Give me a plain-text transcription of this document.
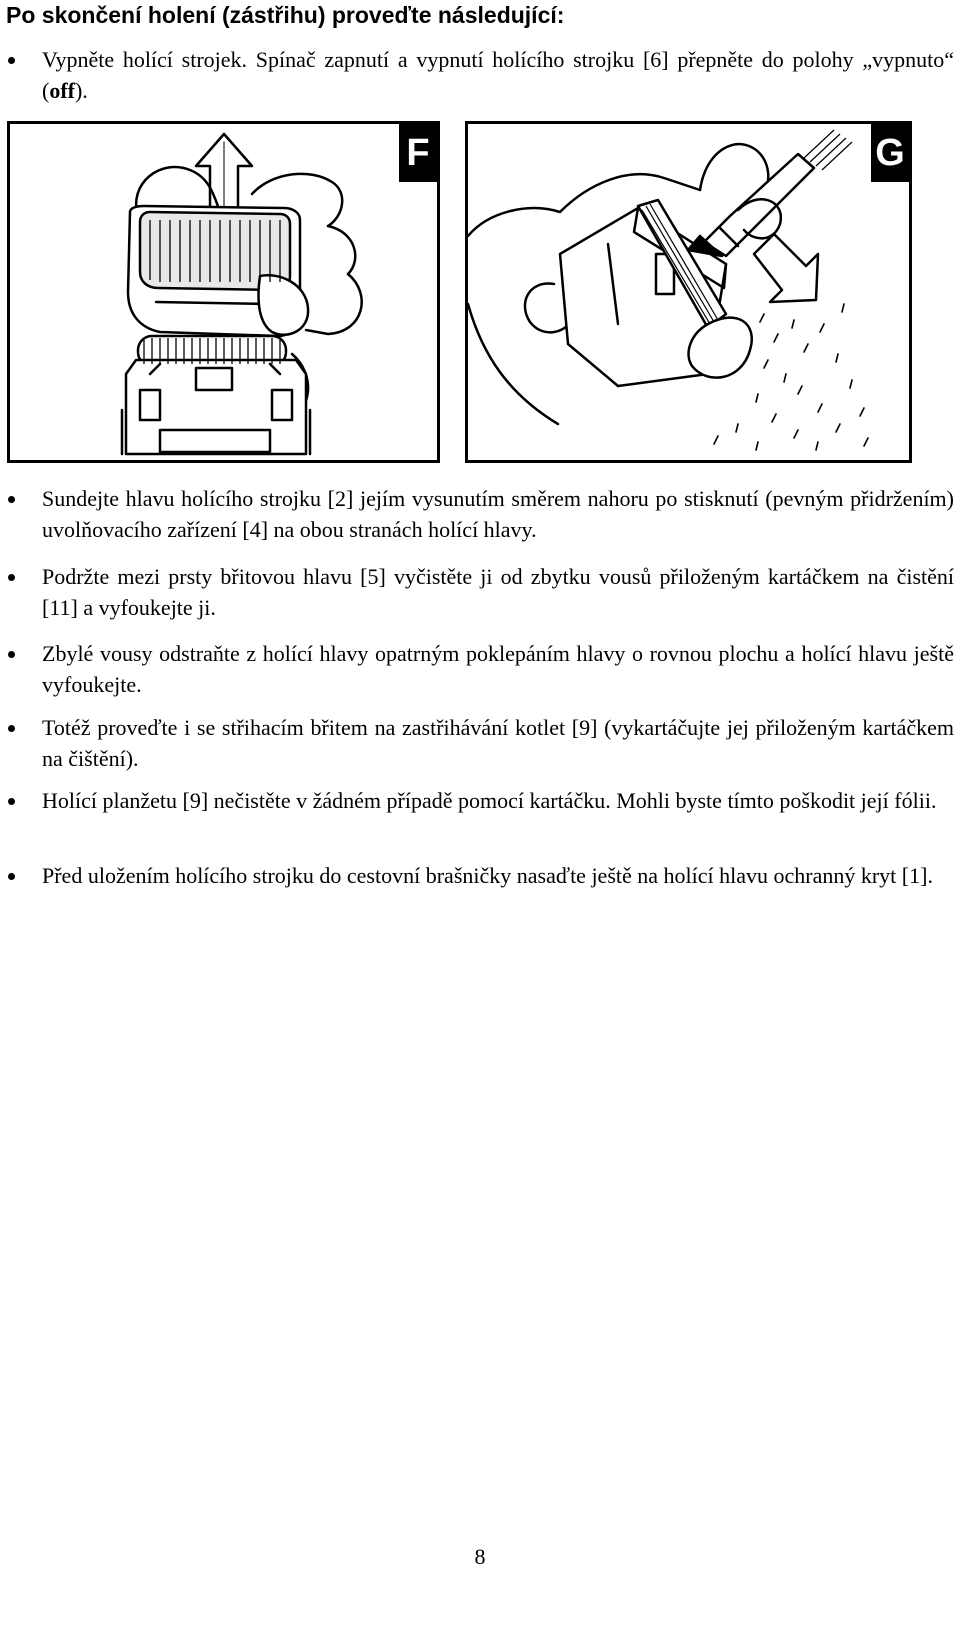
Po skončení holení (zástřihu) proveďte následující:
Vypněte holící strojek. Spínač zapnutí a vypnutí holícího strojku [6] přepněte do polohy „vypnuto“ (off).
F	G
Sundejte hlavu holícího strojku [2] jejím vysunutím směrem nahoru po stisknutí (pevným přidržením) uvolňovacího zařízení [4] na obou stranách holící hlavy.
Podržte mezi prsty břitovou hlavu [5] vyčistěte ji od zbytku vousů přiloženým kartáčkem na čistění [11] a vyfoukejte ji.
Zbylé vousy odstraňte z holící hlavy opatrným poklepáním hlavy o rovnou plochu a holící hlavu ještě vyfoukejte.
Totéž proveďte i se střihacím břitem na zastřihávání kotlet [9] (vykartáčujte jej přiloženým kartáčkem na čištění).
Holící planžetu [9] nečistěte v žádném případě pomocí kartáčku. Mohli byste tímto poškodit její fólii.
Před uložením holícího strojku do cestovní brašničky nasaďte ještě na holící hlavu ochranný kryt [1].
8
